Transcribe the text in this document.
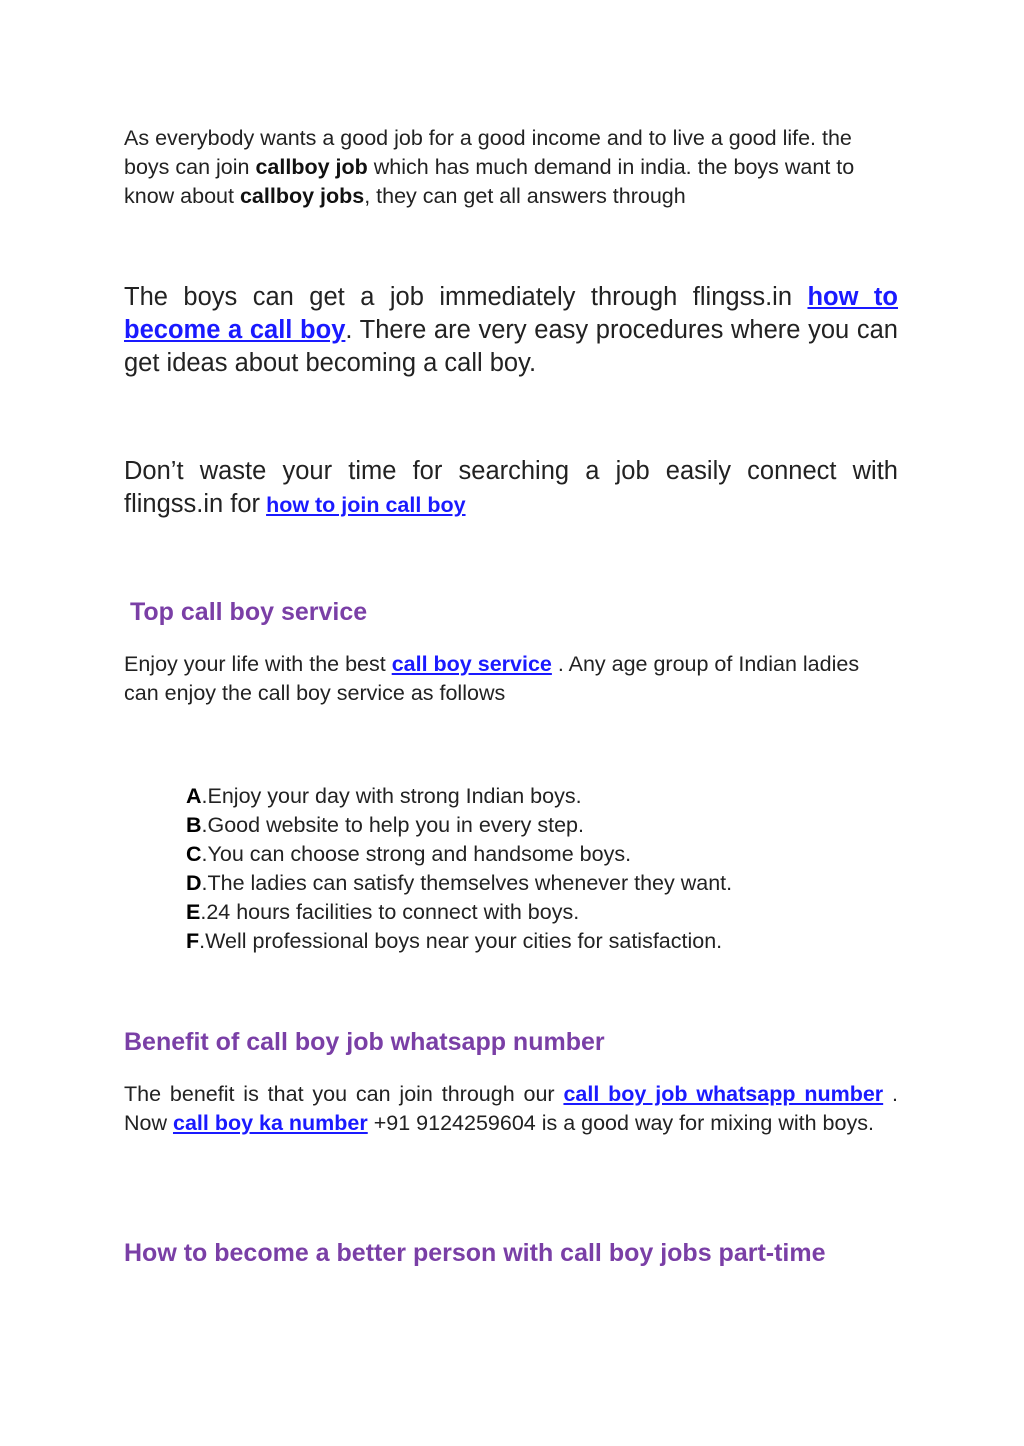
As everybody wants a good job for a good income and to live a good life. the boys can join callboy job which has much demand in india. the boys want to know about callboy jobs, they can get all answers through

The boys can get a job immediately through flingss.in how to become a call boy. There are very easy procedures where you can get ideas about becoming a call boy.

Don’t waste your time for searching a job easily connect with flingss.in for how to join call boy

Top call boy service

Enjoy your life with the best call boy service . Any age group of Indian ladies can enjoy the call boy service as follows

A.Enjoy your day with strong Indian boys.
B.Good website to help you in every step.
C.You can choose strong and handsome boys.
D.The ladies can satisfy themselves whenever they want.
E.24 hours facilities to connect with boys.
F.Well professional boys near your cities for satisfaction.
Benefit of call boy job whatsapp number

The benefit is that you can join through our call boy job whatsapp number . Now call boy ka number +91 9124259604 is a good way for mixing with boys.

How to become a better person with call boy jobs part-time
